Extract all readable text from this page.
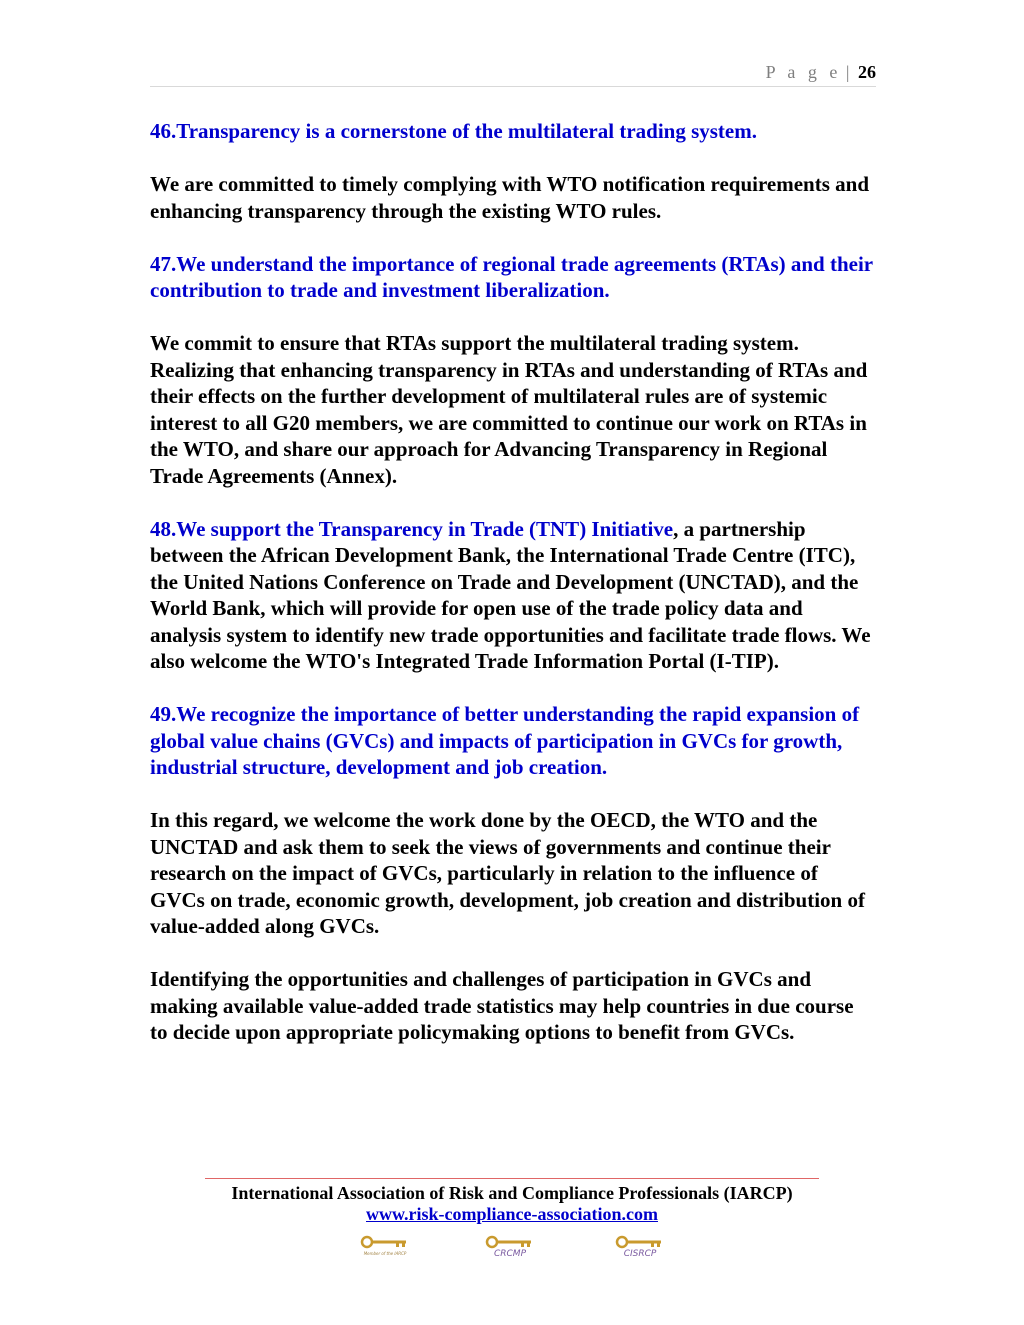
P a g e | 26

46.Transparency is a cornerstone of the multilateral trading system.

We are committed to timely complying with WTO notification requirements and enhancing transparency through the existing WTO rules.

47.We understand the importance of regional trade agreements (RTAs) and their contribution to trade and investment liberalization.

We commit to ensure that RTAs support the multilateral trading system. Realizing that enhancing transparency in RTAs and understanding of RTAs and their effects on the further development of multilateral rules are of systemic interest to all G20 members, we are committed to continue our work on RTAs in the WTO, and share our approach for Advancing Transparency in Regional Trade Agreements (Annex).

48.We support the Transparency in Trade (TNT) Initiative, a partnership between the African Development Bank, the International Trade Centre (ITC), the United Nations Conference on Trade and Development (UNCTAD), and the World Bank, which will provide for open use of the trade policy data and analysis system to identify new trade opportunities and facilitate trade flows. We also welcome the WTO's Integrated Trade Information Portal (I-TIP).

49.We recognize the importance of better understanding the rapid expansion of global value chains (GVCs) and impacts of participation in GVCs for growth, industrial structure, development and job creation.

In this regard, we welcome the work done by the OECD, the WTO and the UNCTAD and ask them to seek the views of governments and continue their research on the impact of GVCs, particularly in relation to the influence of GVCs on trade, economic growth, development, job creation and distribution of value-added along GVCs.

Identifying the opportunities and challenges of participation in GVCs and making available value-added trade statistics may help countries in due course to decide upon appropriate policymaking options to benefit from GVCs.

International Association of Risk and Compliance Professionals (IARCP)
www.risk-compliance-association.com
Member of the IARCP	CRCMP	CISRCP
